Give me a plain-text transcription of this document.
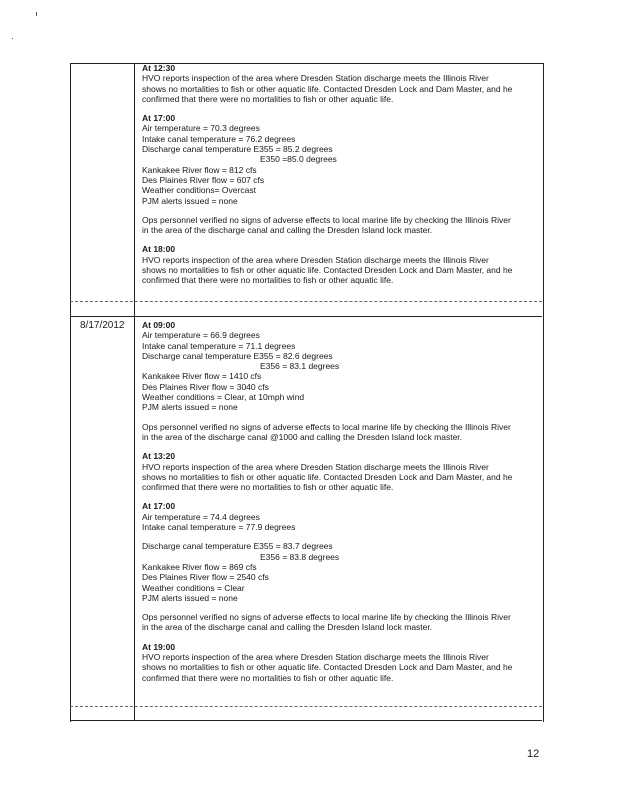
At 12:30

HVO reports inspection of the area where Dresden Station discharge meets the Illinois River

shows no mortalities to fish or other aquatic life. Contacted Dresden Lock and Dam Master, and he

confirmed that there were no mortalities to fish or other aquatic life.

At 17:00

Air temperature = 70.3 degrees

Intake canal temperature = 76.2 degrees

Discharge canal temperature E355 = 85.2 degrees

E350 =85.0 degrees

Kankakee River flow = 812 cfs

Des Plaines River flow = 607 cfs

Weather conditions= Overcast

PJM alerts issued = none

Ops personnel verified no signs of adverse effects to local marine life by checking the Illinois River

in the area of the discharge canal and calling the Dresden Island lock master.

At 18:00

HVO reports inspection of the area where Dresden Station discharge meets the Illinois River

shows no mortalities to fish or other aquatic life. Contacted Dresden Lock and Dam Master, and he

confirmed that there were no mortalities to fish or other aquatic life.

8/17/2012 At 09:00

Air temperature = 66.9 degrees

Intake canal temperature = 71.1 degrees

Discharge canal temperature E355 = 82.6 degrees

E356 = 83.1 degrees

Kankakee River flow = 1410 cfs

Des Plaines River flow = 3040 cfs

Weather conditions = Clear, at 10mph wind

PJM alerts issued = none

Ops personnel verified no signs of adverse effects to local marine life by checking the Illinois River

in the area of the discharge canal @1000 and calling the Dresden Island lock master.

At 13:20

HVO reports inspection of the area where Dresden Station discharge meets the Illinois River

shows no mortalities to fish or other aquatic life. Contacted Dresden Lock and Dam Master, and he

confirmed that there were no mortalities to fish or other aquatic life.

At 17:00

Air temperature = 74.4 degrees

Intake canal temperature = 77.9 degrees

Discharge canal temperature E355 = 83.7 degrees

E356 = 83.8 degrees

Kankakee River flow = 869 cfs

Des Plaines River flow = 2540 cfs

Weather conditions = Clear

PJM alerts issued = none

Ops personnel verified no signs of adverse effects to local marine life by checking the Illinois River

in the area of the discharge canal and calling the Dresden Island lock master.

At 19:00

HVO reports inspection of the area where Dresden Station discharge meets the Illinois River

shows no mortalities to fish or other aquatic life. Contacted Dresden Lock and Dam Master, and he

confirmed that there were no mortalities to fish or other aquatic life.

12
